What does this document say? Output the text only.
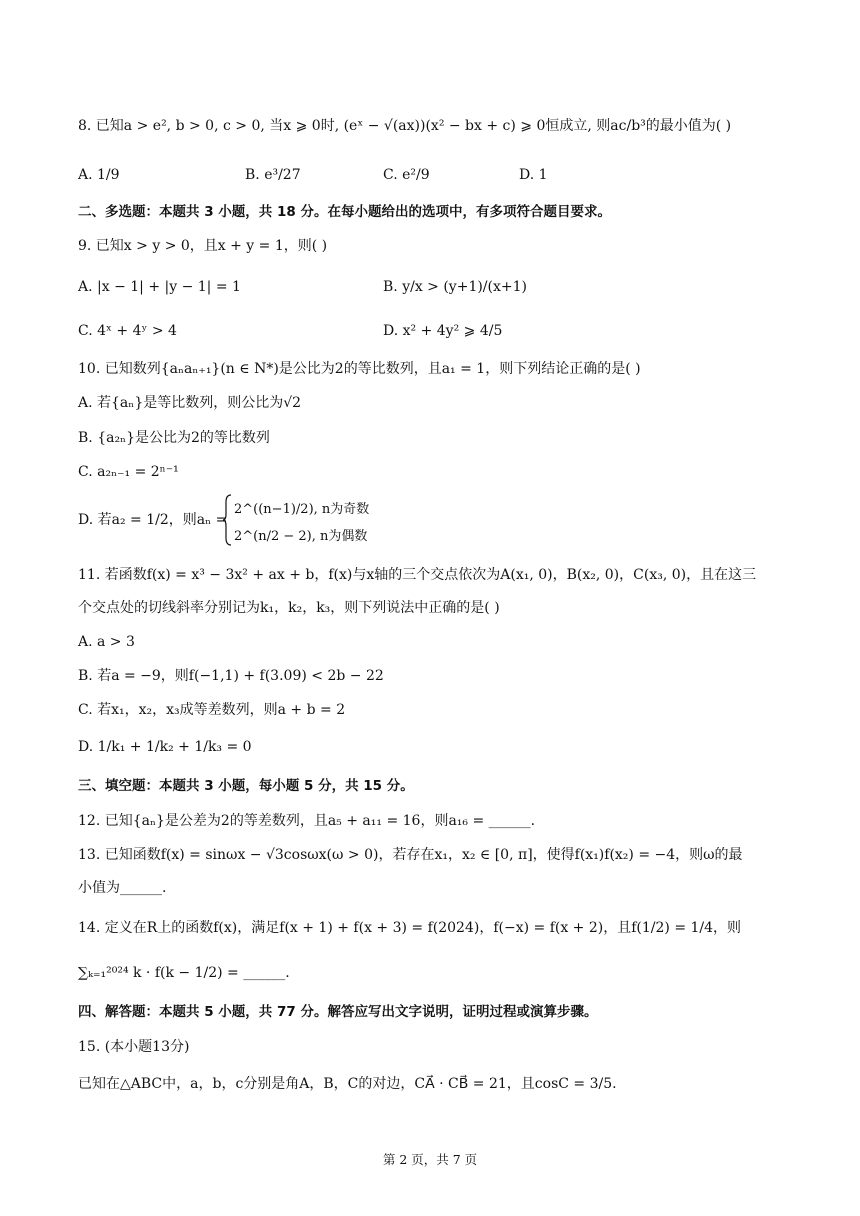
8. 已知a > e², b > 0, c > 0, 当x ⩾ 0时, (eˣ − √(ax))(x² − bx + c) ⩾ 0恒成立, 则ac/b³的最小值为( )
A. 1/9	B. e³/27	C. e²/9	D. 1
二、多选题：本题共 3 小题，共 18 分。在每小题给出的选项中，有多项符合题目要求。
9. 已知x > y > 0，且x + y = 1，则( )
A. |x − 1| + |y − 1| = 1	B. y/x > (y+1)/(x+1)
C. 4ˣ + 4ʸ > 4	D. x² + 4y² ⩾ 4/5
10. 已知数列{aₙaₙ₊₁}(n ∈ N*)是公比为2的等比数列，且a₁ = 1，则下列结论正确的是( )
A. 若{aₙ}是等比数列，则公比为√2
B. {a₂ₙ}是公比为2的等比数列
C. a₂ₙ₋₁ = 2ⁿ⁻¹
D. 若a₂ = 1/2，则aₙ =
2^((n−1)/2), n为奇数
2^(n/2 − 2), n为偶数
11. 若函数f(x) = x³ − 3x² + ax + b，f(x)与x轴的三个交点依次为A(x₁, 0)，B(x₂, 0)，C(x₃, 0)，且在这三
个交点处的切线斜率分别记为k₁，k₂，k₃，则下列说法中正确的是( )
A. a > 3
B. 若a = −9，则f(−1,1) + f(3.09) < 2b − 22
C. 若x₁，x₂，x₃成等差数列，则a + b = 2
D. 1/k₁ + 1/k₂ + 1/k₃ = 0
三、填空题：本题共 3 小题，每小题 5 分，共 15 分。
12. 已知{aₙ}是公差为2的等差数列，且a₅ + a₁₁ = 16，则a₁₆ = ______.
13. 已知函数f(x) = sinωx − √3cosωx(ω > 0)，若存在x₁，x₂ ∈ [0, π]，使得f(x₁)f(x₂) = −4，则ω的最
小值为______.
14. 定义在R上的函数f(x)，满足f(x + 1) + f(x + 3) = f(2024)，f(−x) = f(x + 2)，且f(1/2) = 1/4，则
∑ₖ₌₁²⁰²⁴ k · f(k − 1/2) = ______.
四、解答题：本题共 5 小题，共 77 分。解答应写出文字说明，证明过程或演算步骤。
15. (本小题13分)
已知在△ABC中，a，b，c分别是角A，B，C的对边，CA⃗ · CB⃗ = 21，且cosC = 3/5.
第 2 页，共 7 页
